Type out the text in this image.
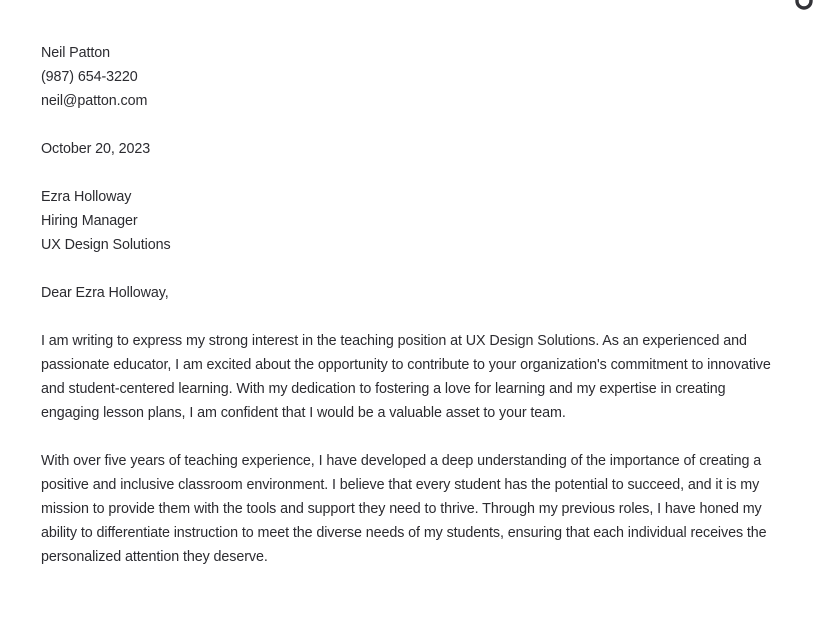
Neil Patton
(987) 654-3220
neil@patton.com
October 20, 2023
Ezra Holloway
Hiring Manager
UX Design Solutions
Dear Ezra Holloway,

I am writing to express my strong interest in the teaching position at UX Design Solutions. As an experienced and passionate educator, I am excited about the opportunity to contribute to your organization's commitment to innovative and student-centered learning. With my dedication to fostering a love for learning and my expertise in creating engaging lesson plans, I am confident that I would be a valuable asset to your team.

With over five years of teaching experience, I have developed a deep understanding of the importance of creating a positive and inclusive classroom environment. I believe that every student has the potential to succeed, and it is my mission to provide them with the tools and support they need to thrive. Through my previous roles, I have honed my ability to differentiate instruction to meet the diverse needs of my students, ensuring that each individual receives the personalized attention they deserve.
